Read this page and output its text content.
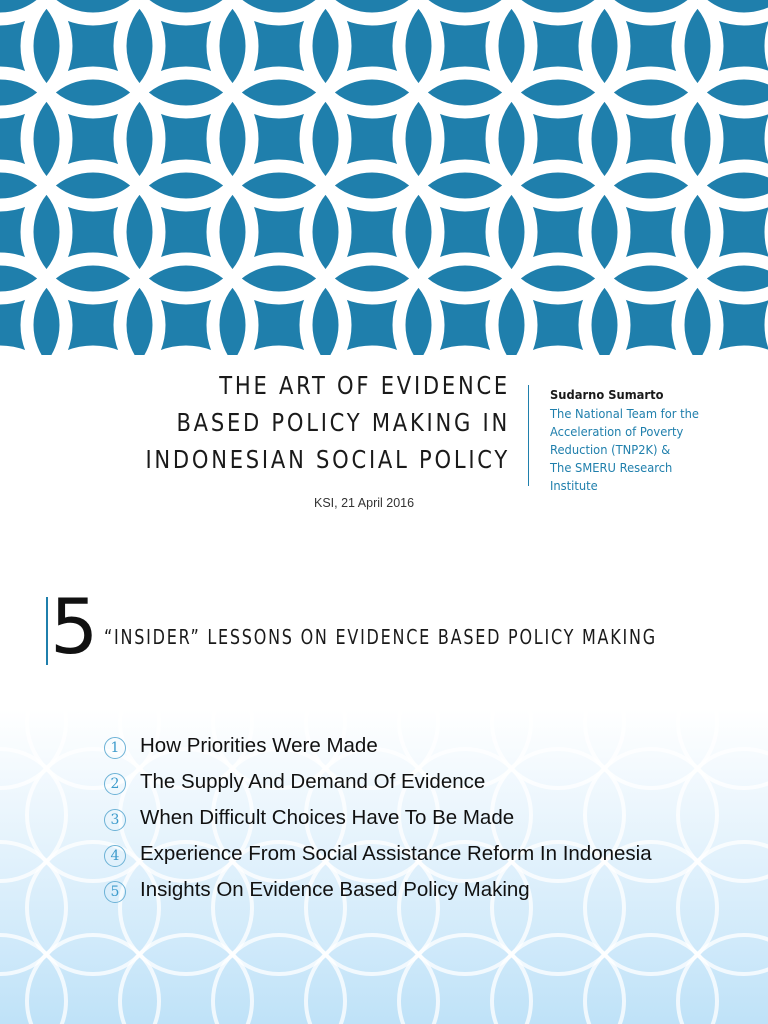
THE ART OF EVIDENCE
BASED POLICY MAKING IN
INDONESIAN SOCIAL POLICY
KSI, 21 April 2016
Sudarno Sumarto
The National Team for the
Acceleration of Poverty
Reduction (TNP2K) &
The SMERU Research
Institute
5 “INSIDER” LESSONS ON EVIDENCE BASED POLICY MAKING
1	How Priorities Were Made
2	The Supply And Demand Of Evidence
3	When Difficult Choices Have To Be Made
4	Experience From Social Assistance Reform In Indonesia
5	Insights On Evidence Based Policy Making
